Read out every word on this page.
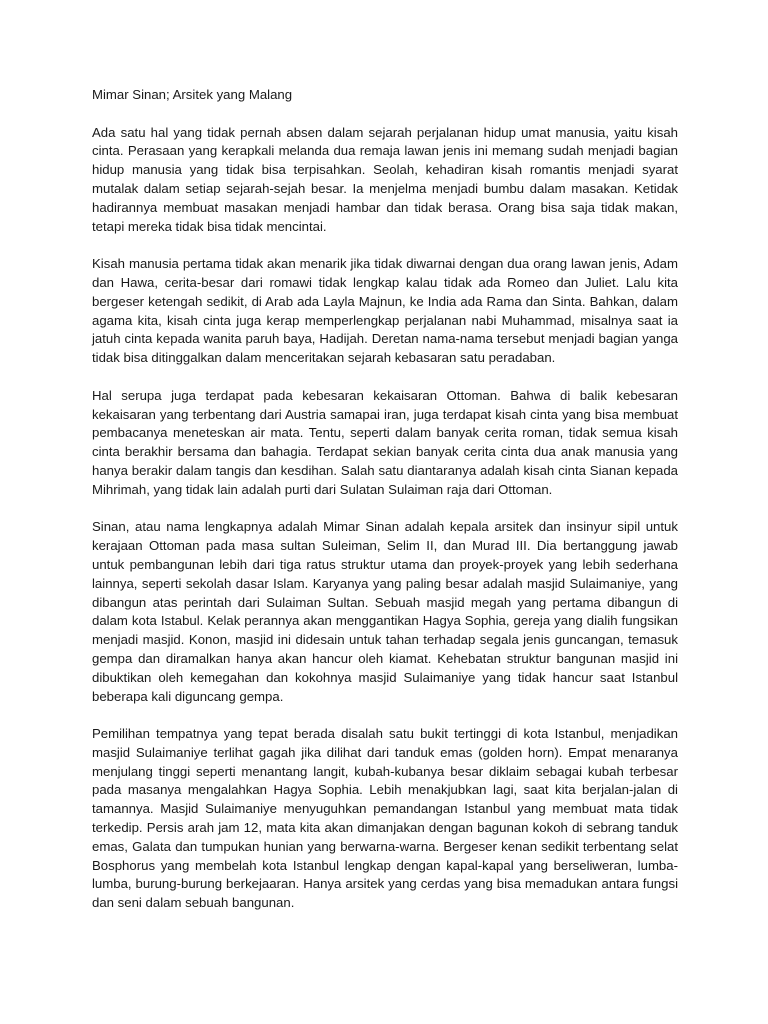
Mimar Sinan; Arsitek yang Malang

Ada satu hal yang tidak pernah absen dalam sejarah perjalanan hidup umat manusia, yaitu kisah cinta. Perasaan yang kerapkali melanda dua remaja lawan jenis ini memang sudah menjadi bagian hidup manusia yang tidak bisa terpisahkan. Seolah, kehadiran kisah romantis menjadi syarat mutalak dalam setiap sejarah-sejah besar. Ia menjelma menjadi bumbu dalam masakan. Ketidak hadirannya membuat masakan menjadi hambar dan tidak berasa. Orang bisa saja tidak makan, tetapi mereka tidak bisa tidak mencintai.

Kisah manusia pertama tidak akan menarik jika tidak diwarnai dengan dua orang lawan jenis, Adam dan Hawa, cerita-besar dari romawi tidak lengkap kalau tidak ada Romeo dan Juliet. Lalu kita bergeser ketengah sedikit, di Arab ada Layla Majnun, ke India ada Rama dan Sinta. Bahkan, dalam agama kita, kisah cinta juga kerap memperlengkap perjalanan nabi Muhammad, misalnya saat ia jatuh cinta kepada wanita paruh baya, Hadijah. Deretan nama-nama tersebut menjadi bagian yanga tidak bisa ditinggalkan dalam menceritakan sejarah kebasaran satu peradaban.

Hal serupa juga terdapat pada kebesaran kekaisaran Ottoman. Bahwa di balik kebesaran kekaisaran yang terbentang dari Austria samapai iran, juga terdapat kisah cinta yang bisa membuat pembacanya meneteskan air mata. Tentu, seperti dalam banyak cerita roman, tidak semua kisah cinta berakhir bersama dan bahagia. Terdapat sekian banyak cerita cinta dua anak manusia yang hanya berakir dalam tangis dan kesdihan. Salah satu diantaranya adalah kisah cinta Sianan kepada Mihrimah, yang tidak lain adalah purti dari Sulatan Sulaiman raja dari Ottoman.

Sinan, atau nama lengkapnya adalah Mimar Sinan adalah kepala arsitek dan insinyur sipil untuk kerajaan Ottoman pada masa sultan Suleiman, Selim II, dan Murad III. Dia bertanggung jawab untuk pembangunan lebih dari tiga ratus struktur utama dan proyek-proyek yang lebih sederhana lainnya, seperti sekolah dasar Islam. Karyanya yang paling besar adalah masjid Sulaimaniye, yang dibangun atas perintah dari Sulaiman Sultan. Sebuah masjid megah yang pertama dibangun di dalam kota Istabul. Kelak perannya akan menggantikan Hagya Sophia, gereja yang dialih fungsikan menjadi masjid. Konon, masjid ini didesain untuk tahan terhadap segala jenis guncangan, temasuk gempa dan diramalkan hanya akan hancur oleh kiamat. Kehebatan struktur bangunan masjid ini dibuktikan oleh kemegahan dan kokohnya masjid Sulaimaniye yang tidak hancur saat Istanbul beberapa kali diguncang gempa.

Pemilihan tempatnya yang tepat berada disalah satu bukit tertinggi di kota Istanbul, menjadikan masjid Sulaimaniye terlihat gagah jika dilihat dari tanduk emas (golden horn). Empat menaranya menjulang tinggi seperti menantang langit, kubah-kubanya besar diklaim sebagai kubah terbesar pada masanya mengalahkan Hagya Sophia. Lebih menakjubkan lagi, saat kita berjalan-jalan di tamannya. Masjid Sulaimaniye menyuguhkan pemandangan Istanbul yang membuat mata tidak terkedip. Persis arah jam 12, mata kita akan dimanjakan dengan bagunan kokoh di sebrang tanduk emas, Galata dan tumpukan hunian yang berwarna-warna. Bergeser kenan sedikit terbentang selat Bosphorus yang membelah kota Istanbul lengkap dengan kapal-kapal yang berseliweran, lumba-lumba, burung-burung berkejaaran. Hanya arsitek yang cerdas yang bisa memadukan antara fungsi dan seni dalam sebuah bangunan.
